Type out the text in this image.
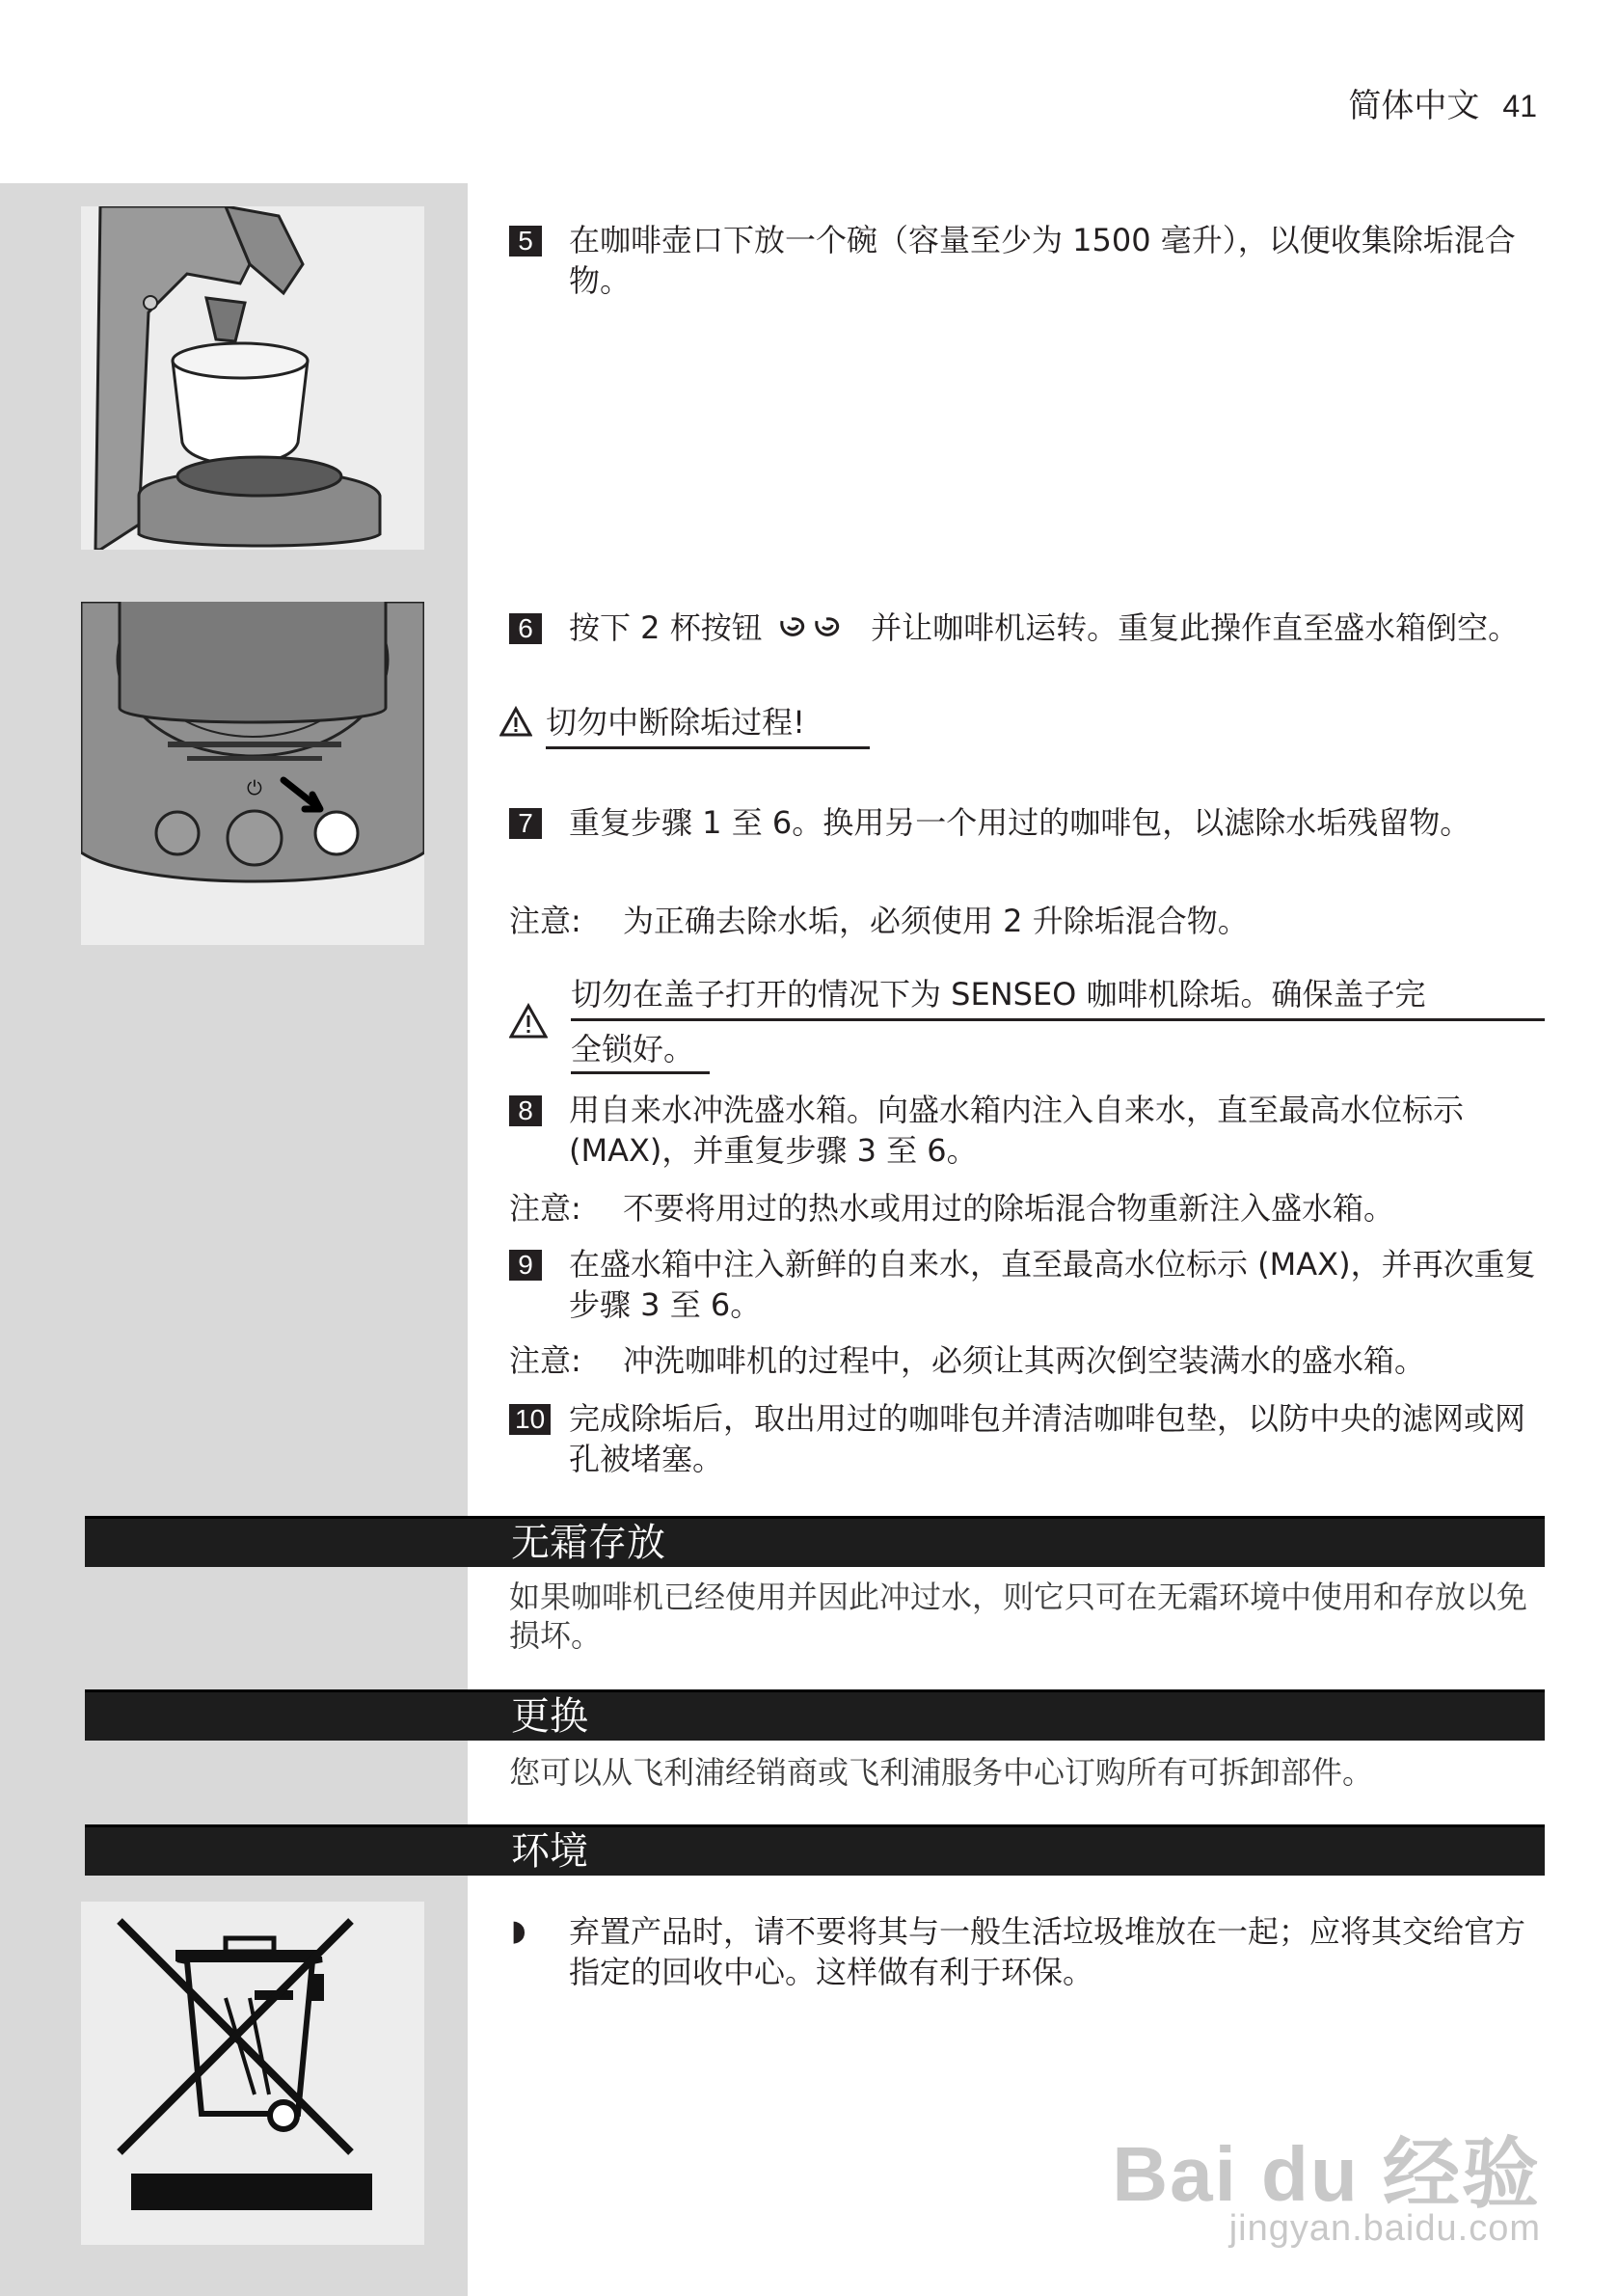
简体中文 41
⏻
5 在咖啡壶口下放一个碗（容量至少为 1500 毫升），以便收集除垢混合物。
6 按下 2 杯按钮	并让咖啡机运转。重复此操作直至盛水箱倒空。
切勿中断除垢过程!
7 重复步骤 1 至 6。换用另一个用过的咖啡包，以滤除水垢残留物。
注意: 为正确去除水垢，必须使用 2 升除垢混合物。
切勿在盖子打开的情况下为 SENSEO 咖啡机除垢。确保盖子完
全锁好。
8 用自来水冲洗盛水箱。向盛水箱内注入自来水，直至最高水位标示 (MAX)，并重复步骤 3 至 6。
注意: 不要将用过的热水或用过的除垢混合物重新注入盛水箱。
9 在盛水箱中注入新鲜的自来水，直至最高水位标示 (MAX)，并再次重复步骤 3 至 6。
注意: 冲洗咖啡机的过程中，必须让其两次倒空装满水的盛水箱。
10 完成除垢后，取出用过的咖啡包并清洁咖啡包垫，以防中央的滤网或网孔被堵塞。
无霜存放
如果咖啡机已经使用并因此冲过水，则它只可在无霜环境中使用和存放以免损坏。
更换
您可以从飞利浦经销商或飞利浦服务中心订购所有可拆卸部件。
环境
◗ 弃置产品时，请不要将其与一般生活垃圾堆放在一起；应将其交给官方指定的回收中心。这样做有利于环保。
Bai du 经验
jingyan.baidu.com
